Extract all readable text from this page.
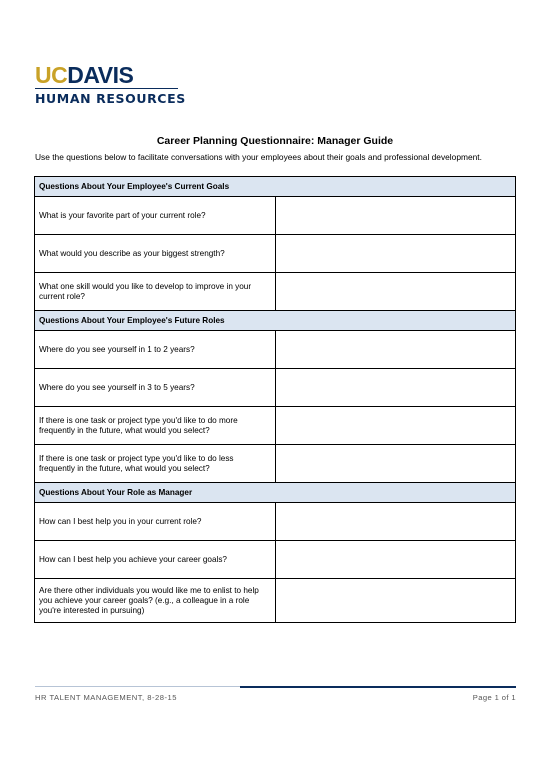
UCDAVIS
HUMAN RESOURCES
Career Planning Questionnaire: Manager Guide
Use the questions below to facilitate conversations with your employees about their goals and professional development.
Questions About Your Employee's Current Goals	
What is your favorite part of your current role?	
What would you describe as your biggest strength?	
What one skill would you like to develop to improve in your current role?	
Questions About Your Employee's Future Roles	
Where do you see yourself in 1 to 2 years?	
Where do you see yourself in 3 to 5 years?	
If there is one task or project type you'd like to do more frequently in the future, what would you select?	
If there is one task or project type you'd like to do less frequently in the future, what would you select?	
Questions About Your Role as Manager	
How can I best help you in your current role?	
How can I best help you achieve your career goals?	
Are there other individuals you would like me to enlist to help you achieve your career goals? (e.g., a colleague in a role you're interested in pursuing)	
HR TALENT MANAGEMENT, 8-28-15	Page 1 of 1
